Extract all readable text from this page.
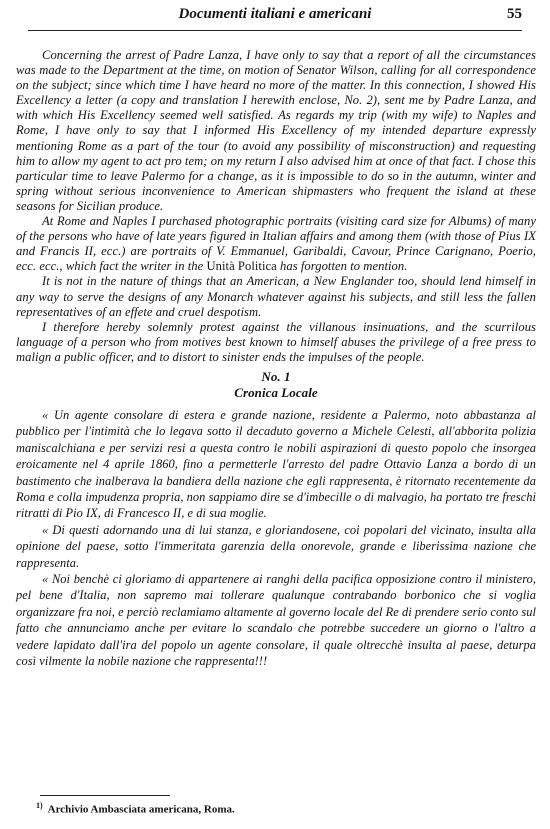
Documenti italiani e americani	55

Concerning the arrest of Padre Lanza, I have only to say that a report of all the circumstances was made to the Department at the time, on motion of Senator Wilson, calling for all correspondence on the subject; since which time I have heard no more of the matter. In this connection, I showed His Excellency a letter (a copy and translation I herewith enclose, No. 2), sent me by Padre Lanza, and with which His Excellency seemed well satisfied. As regards my trip (with my wife) to Naples and Rome, I have only to say that I informed His Excellency of my intended departure expressly mentioning Rome as a part of the tour (to avoid any possibility of misconstruction) and requesting him to allow my agent to act pro tem; on my return I also advised him at once of that fact. I chose this particular time to leave Palermo for a change, as it is impossible to do so in the autumn, winter and spring without serious inconvenience to American shipmasters who frequent the island at these seasons for Sicilian produce.

At Rome and Naples I purchased photographic portraits (visiting card size for Albums) of many of the persons who have of late years figured in Italian affairs and among them (with those of Pius IX and Francis II, ecc.) are portraits of V. Emmanuel, Garibaldi, Cavour, Prince Carignano, Poerio, ecc. ecc., which fact the writer in the Unità Politica has forgotten to mention.

It is not in the nature of things that an American, a New Englander too, should lend himself in any way to serve the designs of any Monarch whatever against his subjects, and still less the fallen representatives of an effete and cruel despotism.

I therefore hereby solemnly protest against the villanous insinuations, and the scurrilous language of a person who from motives best known to himself abuses the privilege of a free press to malign a public officer, and to distort to sinister ends the impulses of the people.

No. 1
Cronica Locale

« Un agente consolare di estera e grande nazione, residente a Palermo, noto abbastanza al pubblico per l'intimità che lo legava sotto il decaduto governo a Michele Celesti, all'abborita polizia maniscalchiana e per servizi resi a questa contro le nobili aspirazioni di questo popolo che insorgea eroicamente nel 4 aprile 1860, fino a permetterle l'arresto del padre Ottavio Lanza a bordo di un bastimento che inalberava la bandiera della nazione che egli rappresenta, è ritornato recentemente da Roma e colla impudenza propria, non sappiamo dire se d'imbecille o di malvagio, ha portato tre freschi ritratti di Pio IX, di Francesco II, e di sua moglie.

« Di questi adornando una di lui stanza, e gloriandosene, coi popolari del vicinato, insulta alla opinione del paese, sotto l'immeritata garenzia della onorevole, grande e liberissima nazione che rappresenta.

« Noi benchè ci gloriamo di appartenere ai ranghi della pacifica opposizione contro il ministero, pel bene d'Italia, non sapremo mai tollerare qualunque contrabando borbonico che si voglia organizzare fra noi, e perciò reclamiamo altamente al governo locale del Re di prendere serio conto sul fatto che annunciamo anche per evitare lo scandalo che potrebbe succedere un giorno o l'altro a vedere lapidato dall'ira del popolo un agente consolare, il quale oltrecchè insulta al paese, deturpa così vilmente la nobile nazione che rappresenta!!!

$^{1)}$ Archivio Ambasciata americana, Roma.
